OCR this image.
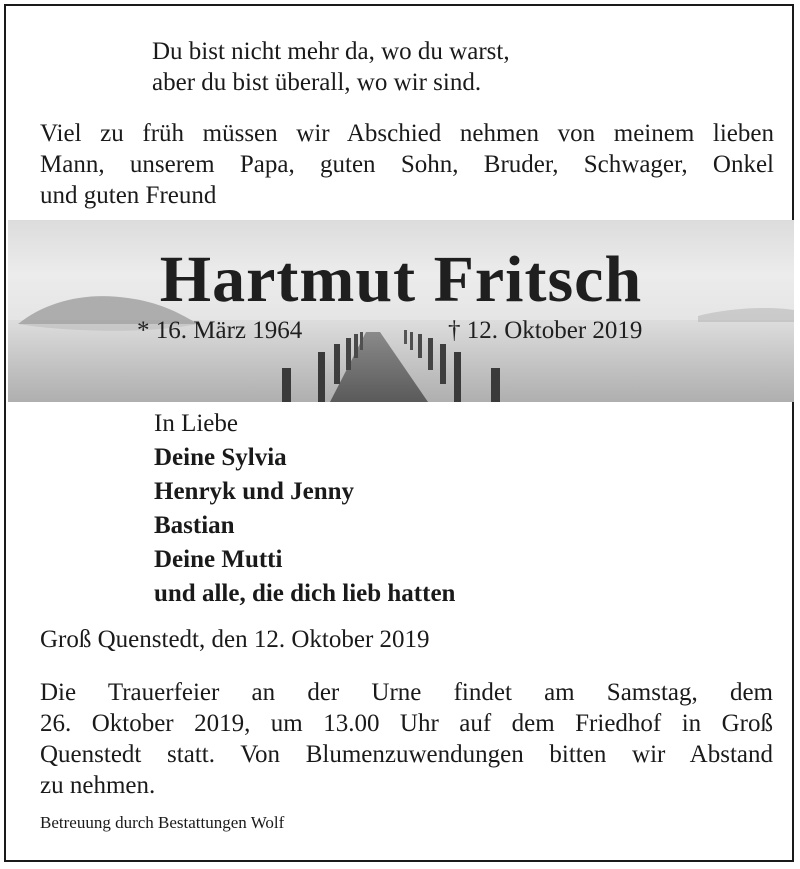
Du bist nicht mehr da, wo du warst,
aber du bist überall, wo wir sind.

Viel zu früh müssen wir Abschied nehmen von meinem lieben
Mann, unserem Papa, guten Sohn, Bruder, Schwager, Onkel
und guten Freund

Hartmut Fritsch
* 16. März 1964	† 12. Oktober 2019
In Liebe
Deine Sylvia
Henryk und Jenny
Bastian
Deine Mutti
und alle, die dich lieb hatten

Groß Quenstedt, den 12. Oktober 2019

Die Trauerfeier an der Urne findet am Samstag, dem
26. Oktober 2019, um 13.00 Uhr auf dem Friedhof in Groß
Quenstedt statt. Von Blumenzuwendungen bitten wir Abstand
zu nehmen.

Betreuung durch Bestattungen Wolf
